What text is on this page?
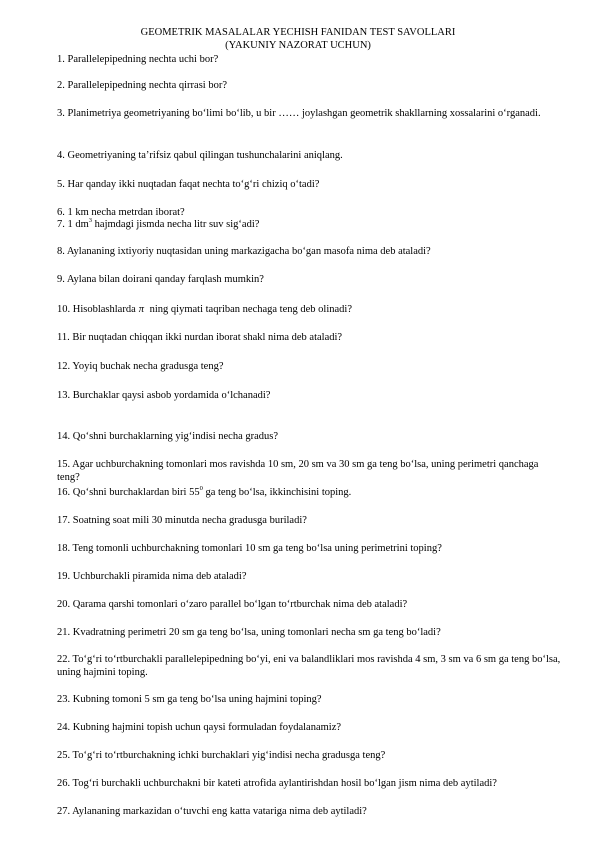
GEOMETRIK MASALALAR YECHISH FANIDAN TEST SAVOLLARI
(YAKUNIY NAZORAT UCHUN)
1. Parallelepipedning nechta uchi bor?
2. Parallelepipedning nechta qirrasi bor?
3. Planimetriya geometriyaning bo‘limi bo‘lib, u bir …… joylashgan geometrik shakllarning xossalarini o‘rganadi.
4. Geometriyaning ta’rifsiz qabul qilingan tushunchalarini aniqlang.
5. Har qanday ikki nuqtadan faqat nechta to‘g‘ri chiziq o‘tadi?
6. 1 km necha metrdan iborat?
7. 1 $dm^3$ hajmdagi jismda necha litr suv sig‘adi?
8. Aylananing ixtiyoriy nuqtasidan uning markazigacha bo‘gan masofa nima deb ataladi?
9. Aylana bilan doirani qanday farqlash mumkin?
10. Hisoblashlarda π ning qiymati taqriban nechaga teng deb olinadi?
11. Bir nuqtadan chiqqan ikki nurdan iborat shakl nima deb ataladi?
12. Yoyiq buchak necha gradusga teng?
13. Burchaklar qaysi asbob yordamida o‘lchanadi?
14. Qo‘shni burchaklarning yig‘indisi necha gradus?
15. Agar uchburchakning tomonlari mos ravishda 10 sm, 20 sm va 30 sm ga teng bo‘lsa, uning perimetri qanchaga teng?
16. Qo‘shni burchaklardan biri $55^0$ ga teng bo‘lsa, ikkinchisini toping.
17. Soatning soat mili 30 minutda necha gradusga buriladi?
18. Teng tomonli uchburchakning tomonlari 10 sm ga teng bo‘lsa uning perimetrini toping?
19. Uchburchakli piramida nima deb ataladi?
20. Qarama qarshi tomonlari o‘zaro parallel bo‘lgan to‘rtburchak nima deb ataladi?
21. Kvadratning perimetri 20 sm ga teng bo‘lsa, uning tomonlari necha sm ga teng bo‘ladi?
22. To‘g‘ri to‘rtburchakli parallelepipedning bo‘yi, eni va balandliklari mos ravishda 4 sm, 3 sm va 6 sm ga teng bo‘lsa, uning hajmini toping.
23. Kubning tomoni 5 sm ga teng bo‘lsa uning hajmini toping?
24. Kubning hajmini topish uchun qaysi formuladan foydalanamiz?
25. To‘g‘ri to‘rtburchakning ichki burchaklari yig‘indisi necha gradusga teng?
26. Tog‘ri burchakli uchburchakni bir kateti atrofida aylantirishdan hosil bo‘lgan jism nima deb aytiladi?
27. Aylananing markazidan o‘tuvchi eng katta vatariga nima deb aytiladi?
